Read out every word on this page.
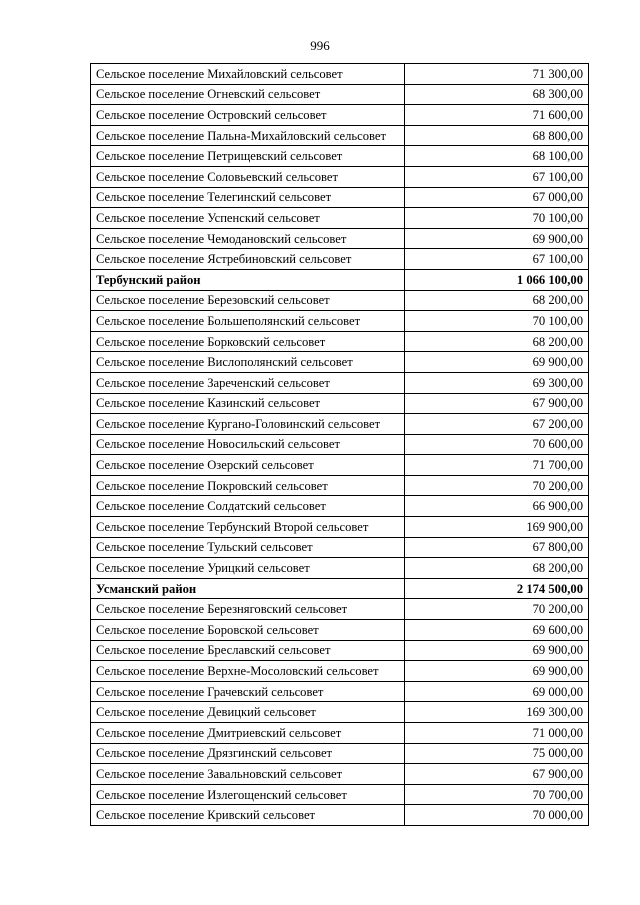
996
Сельское поселение Михайловский сельсовет	71 300,00
Сельское поселение Огневский сельсовет	68 300,00
Сельское поселение Островский сельсовет	71 600,00
Сельское поселение Пальна-Михайловский сельсовет	68 800,00
Сельское поселение Петрищевский сельсовет	68 100,00
Сельское поселение Соловьевский сельсовет	67 100,00
Сельское поселение Телегинский сельсовет	67 000,00
Сельское поселение Успенский сельсовет	70 100,00
Сельское поселение Чемодановский сельсовет	69 900,00
Сельское поселение Ястребиновский сельсовет	67 100,00
Тербунский район	1 066 100,00
Сельское поселение Березовский сельсовет	68 200,00
Сельское поселение Большеполянский сельсовет	70 100,00
Сельское поселение Борковский сельсовет	68 200,00
Сельское поселение Вислополянский сельсовет	69 900,00
Сельское поселение Зареченский сельсовет	69 300,00
Сельское поселение Казинский сельсовет	67 900,00
Сельское поселение Кургано-Головинский сельсовет	67 200,00
Сельское поселение Новосильский сельсовет	70 600,00
Сельское поселение Озерский сельсовет	71 700,00
Сельское поселение Покровский сельсовет	70 200,00
Сельское поселение Солдатский сельсовет	66 900,00
Сельское поселение Тербунский Второй сельсовет	169 900,00
Сельское поселение Тульский сельсовет	67 800,00
Сельское поселение Урицкий сельсовет	68 200,00
Усманский район	2 174 500,00
Сельское поселение Березняговский сельсовет	70 200,00
Сельское поселение Боровской сельсовет	69 600,00
Сельское поселение Бреславский сельсовет	69 900,00
Сельское поселение Верхне-Мосоловский сельсовет	69 900,00
Сельское поселение Грачевский сельсовет	69 000,00
Сельское поселение Девицкий сельсовет	169 300,00
Сельское поселение Дмитриевский сельсовет	71 000,00
Сельское поселение Дрязгинский сельсовет	75 000,00
Сельское поселение Завальновский сельсовет	67 900,00
Сельское поселение Излегощенский сельсовет	70 700,00
Сельское поселение Кривский сельсовет	70 000,00
